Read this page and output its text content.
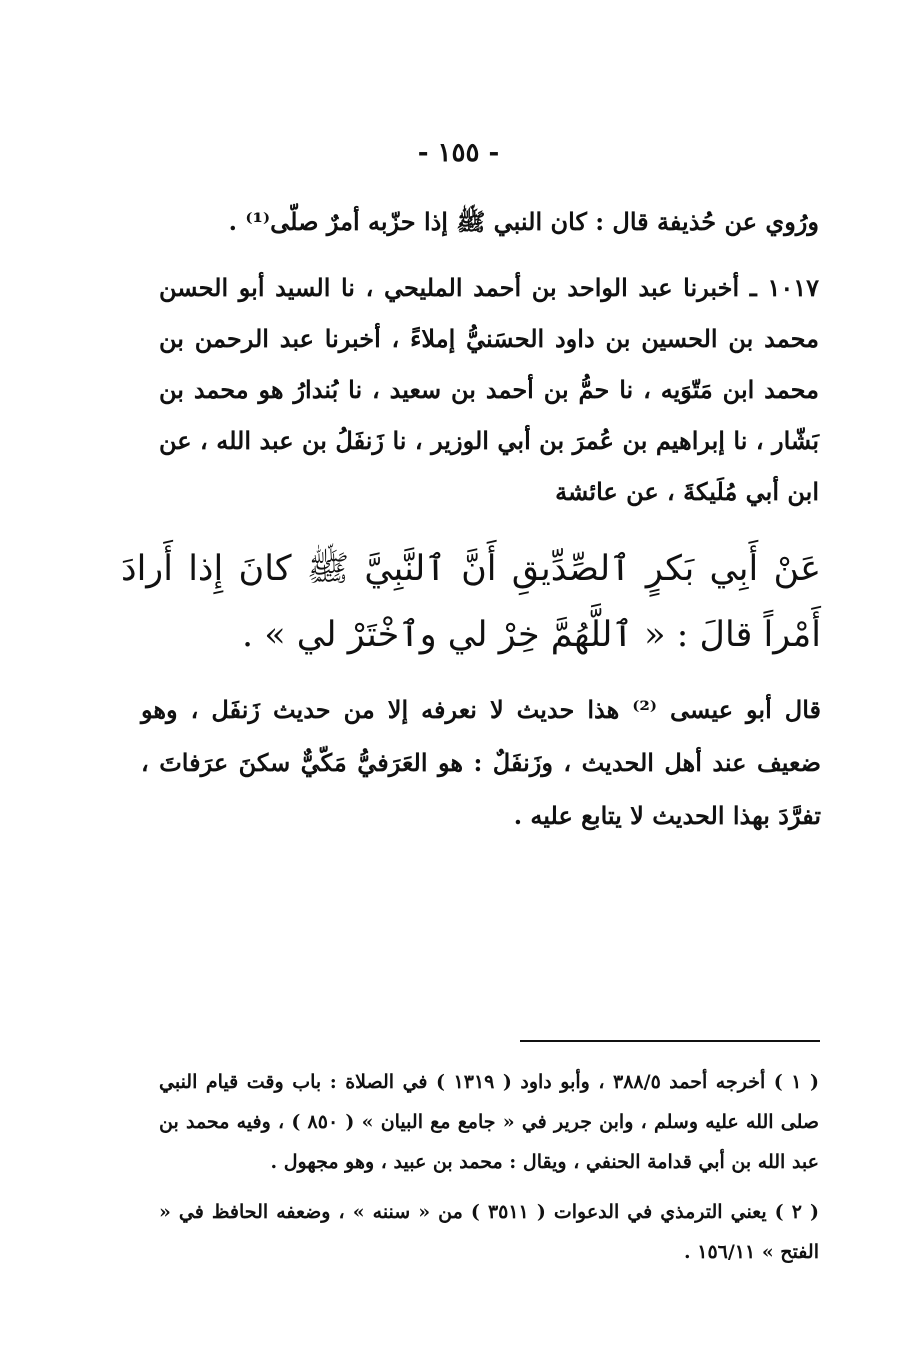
- ١٥٥ -
ورُوي عن حُذيفة قال : كان النبي ﷺ إذا حزّبه أمرٌ صلّى⁽¹⁾ .
١٠١٧ ـ أخبرنا عبد الواحد بن أحمد المليحي ، نا السيد أبو الحسن محمد بن الحسين بن داود الحسَنيُّ إملاءً ، أخبرنا عبد الرحمن بن محمد ابن مَتّوَيه ، نا حمُّ بن أحمد بن سعيد ، نا بُندارُ هو محمد بن بَشّار ، نا إبراهيم بن عُمرَ بن أبي الوزير ، نا زَنفَلُ بن عبد الله ، عن ابن أبي مُلَيكةَ ، عن عائشة
عَنْ أَبِي بَكرٍ ٱلصِّدِّيقِ أَنَّ ٱلنَّبِيَّ ﷺ كانَ إِذا أَرادَ أَمْراً قالَ : « ٱللَّهُمَّ خِرْ لي وٱخْتَرْ لي » .
قال أبو عيسى ⁽²⁾ هذا حديث لا نعرفه إلا من حديث زَنفَل ، وهو ضعيف عند أهل الحديث ، وزَنفَلٌ : هو العَرَفيُّ مَكّيٌّ سكنَ عرَفاتَ ، تفرَّدَ بهذا الحديث لا يتابع عليه .

( ١ ) أخرجه أحمد ٣٨٨/٥ ، وأبو داود ( ١٣١٩ ) في الصلاة : باب وقت قيام النبي صلى الله عليه وسلم ، وابن جرير في « جامع مع البيان » ( ٨٥٠ ) ، وفيه محمد بن عبد الله بن أبي قدامة الحنفي ، ويقال : محمد بن عبيد ، وهو مجهول .

( ٢ ) يعني الترمذي في الدعوات ( ٣٥١١ ) من « سننه » ، وضعفه الحافظ في « الفتح » ١٥٦/١١ .
